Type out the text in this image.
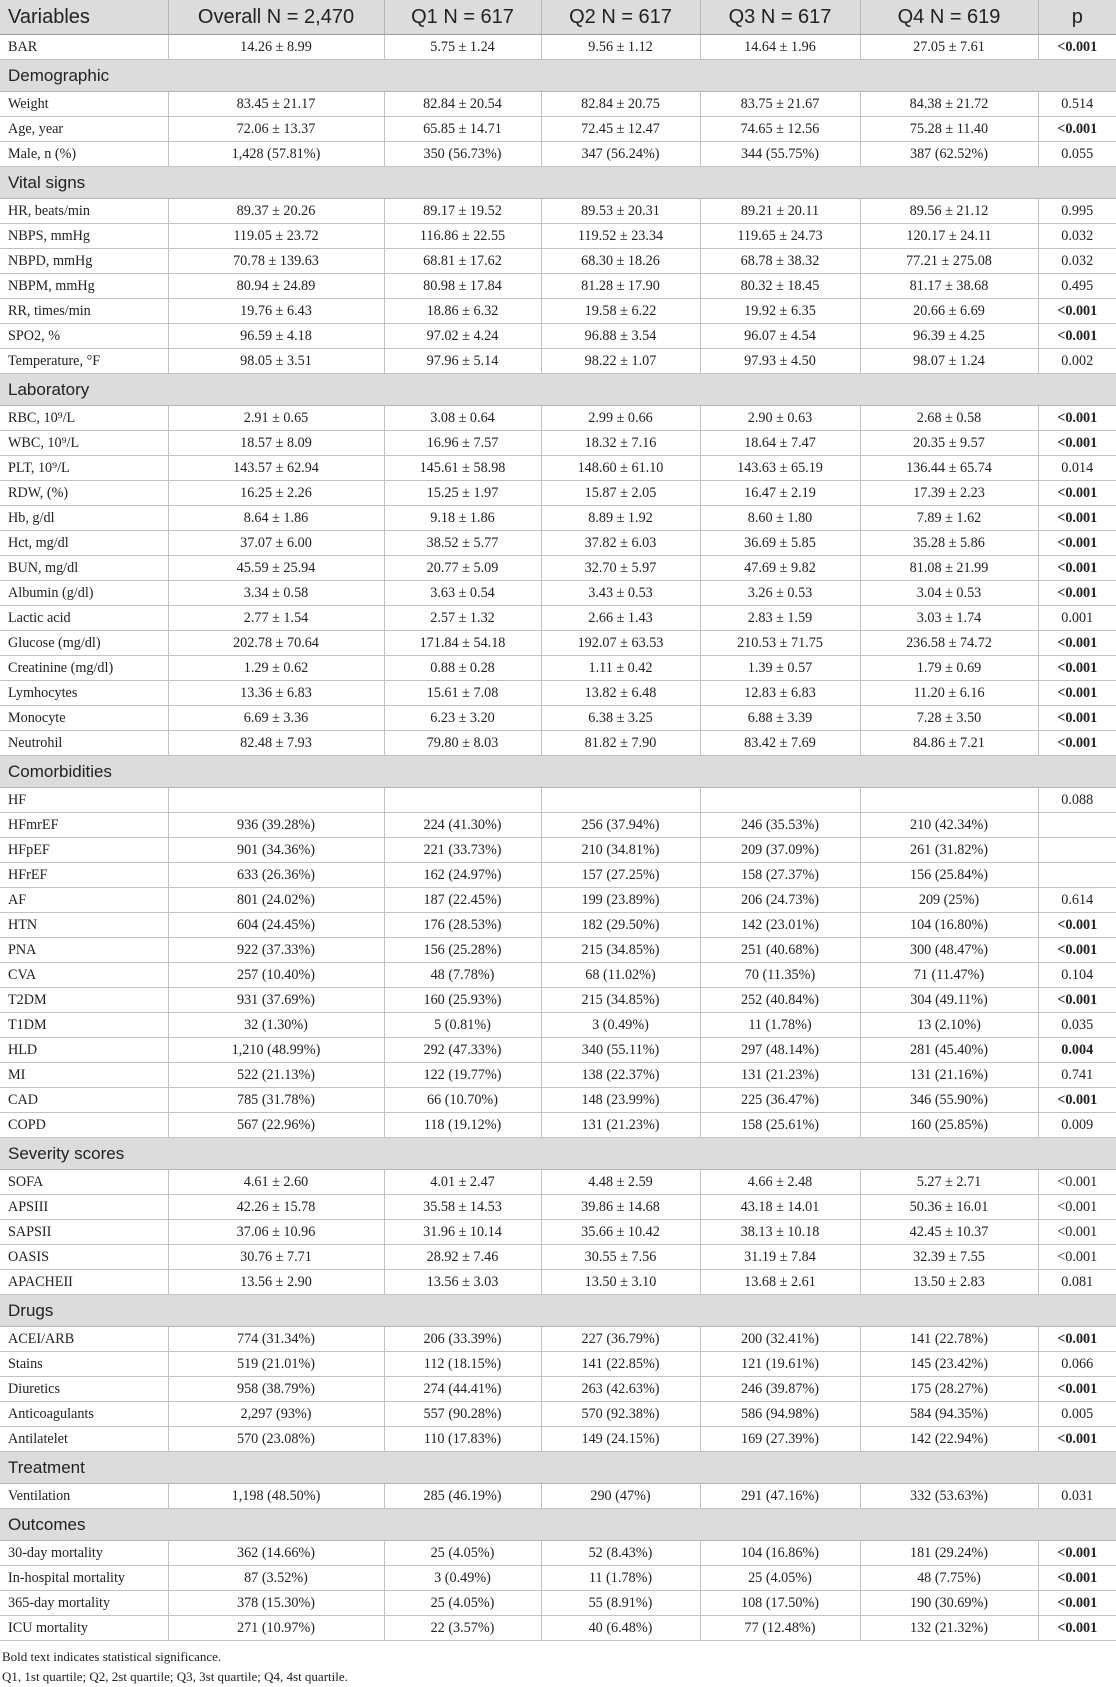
Variables	Overall N = 2,470	Q1 N = 617	Q2 N = 617	Q3 N = 617	Q4 N = 619	p
BAR	14.26 ± 8.99	5.75 ± 1.24	9.56 ± 1.12	14.64 ± 1.96	27.05 ± 7.61	<0.001
Demographic						
Weight	83.45 ± 21.17	82.84 ± 20.54	82.84 ± 20.75	83.75 ± 21.67	84.38 ± 21.72	0.514
Age, year	72.06 ± 13.37	65.85 ± 14.71	72.45 ± 12.47	74.65 ± 12.56	75.28 ± 11.40	<0.001
Male, n (%)	1,428 (57.81%)	350 (56.73%)	347 (56.24%)	344 (55.75%)	387 (62.52%)	0.055
Vital signs						
HR, beats/min	89.37 ± 20.26	89.17 ± 19.52	89.53 ± 20.31	89.21 ± 20.11	89.56 ± 21.12	0.995
NBPS, mmHg	119.05 ± 23.72	116.86 ± 22.55	119.52 ± 23.34	119.65 ± 24.73	120.17 ± 24.11	0.032
NBPD, mmHg	70.78 ± 139.63	68.81 ± 17.62	68.30 ± 18.26	68.78 ± 38.32	77.21 ± 275.08	0.032
NBPM, mmHg	80.94 ± 24.89	80.98 ± 17.84	81.28 ± 17.90	80.32 ± 18.45	81.17 ± 38.68	0.495
RR, times/min	19.76 ± 6.43	18.86 ± 6.32	19.58 ± 6.22	19.92 ± 6.35	20.66 ± 6.69	<0.001
SPO2, %	96.59 ± 4.18	97.02 ± 4.24	96.88 ± 3.54	96.07 ± 4.54	96.39 ± 4.25	<0.001
Temperature, °F	98.05 ± 3.51	97.96 ± 5.14	98.22 ± 1.07	97.93 ± 4.50	98.07 ± 1.24	0.002
Laboratory						
RBC, 10⁹/L	2.91 ± 0.65	3.08 ± 0.64	2.99 ± 0.66	2.90 ± 0.63	2.68 ± 0.58	<0.001
WBC, 10⁹/L	18.57 ± 8.09	16.96 ± 7.57	18.32 ± 7.16	18.64 ± 7.47	20.35 ± 9.57	<0.001
PLT, 10⁹/L	143.57 ± 62.94	145.61 ± 58.98	148.60 ± 61.10	143.63 ± 65.19	136.44 ± 65.74	0.014
RDW, (%)	16.25 ± 2.26	15.25 ± 1.97	15.87 ± 2.05	16.47 ± 2.19	17.39 ± 2.23	<0.001
Hb, g/dl	8.64 ± 1.86	9.18 ± 1.86	8.89 ± 1.92	8.60 ± 1.80	7.89 ± 1.62	<0.001
Hct, mg/dl	37.07 ± 6.00	38.52 ± 5.77	37.82 ± 6.03	36.69 ± 5.85	35.28 ± 5.86	<0.001
BUN, mg/dl	45.59 ± 25.94	20.77 ± 5.09	32.70 ± 5.97	47.69 ± 9.82	81.08 ± 21.99	<0.001
Albumin (g/dl)	3.34 ± 0.58	3.63 ± 0.54	3.43 ± 0.53	3.26 ± 0.53	3.04 ± 0.53	<0.001
Lactic acid	2.77 ± 1.54	2.57 ± 1.32	2.66 ± 1.43	2.83 ± 1.59	3.03 ± 1.74	0.001
Glucose (mg/dl)	202.78 ± 70.64	171.84 ± 54.18	192.07 ± 63.53	210.53 ± 71.75	236.58 ± 74.72	<0.001
Creatinine (mg/dl)	1.29 ± 0.62	0.88 ± 0.28	1.11 ± 0.42	1.39 ± 0.57	1.79 ± 0.69	<0.001
Lymhocytes	13.36 ± 6.83	15.61 ± 7.08	13.82 ± 6.48	12.83 ± 6.83	11.20 ± 6.16	<0.001
Monocyte	6.69 ± 3.36	6.23 ± 3.20	6.38 ± 3.25	6.88 ± 3.39	7.28 ± 3.50	<0.001
Neutrohil	82.48 ± 7.93	79.80 ± 8.03	81.82 ± 7.90	83.42 ± 7.69	84.86 ± 7.21	<0.001
Comorbidities						
HF						0.088
HFmrEF	936 (39.28%)	224 (41.30%)	256 (37.94%)	246 (35.53%)	210 (42.34%)	
HFpEF	901 (34.36%)	221 (33.73%)	210 (34.81%)	209 (37.09%)	261 (31.82%)	
HFrEF	633 (26.36%)	162 (24.97%)	157 (27.25%)	158 (27.37%)	156 (25.84%)	
AF	801 (24.02%)	187 (22.45%)	199 (23.89%)	206 (24.73%)	209 (25%)	0.614
HTN	604 (24.45%)	176 (28.53%)	182 (29.50%)	142 (23.01%)	104 (16.80%)	<0.001
PNA	922 (37.33%)	156 (25.28%)	215 (34.85%)	251 (40.68%)	300 (48.47%)	<0.001
CVA	257 (10.40%)	48 (7.78%)	68 (11.02%)	70 (11.35%)	71 (11.47%)	0.104
T2DM	931 (37.69%)	160 (25.93%)	215 (34.85%)	252 (40.84%)	304 (49.11%)	<0.001
T1DM	32 (1.30%)	5 (0.81%)	3 (0.49%)	11 (1.78%)	13 (2.10%)	0.035
HLD	1,210 (48.99%)	292 (47.33%)	340 (55.11%)	297 (48.14%)	281 (45.40%)	0.004
MI	522 (21.13%)	122 (19.77%)	138 (22.37%)	131 (21.23%)	131 (21.16%)	0.741
CAD	785 (31.78%)	66 (10.70%)	148 (23.99%)	225 (36.47%)	346 (55.90%)	<0.001
COPD	567 (22.96%)	118 (19.12%)	131 (21.23%)	158 (25.61%)	160 (25.85%)	0.009
Severity scores						
SOFA	4.61 ± 2.60	4.01 ± 2.47	4.48 ± 2.59	4.66 ± 2.48	5.27 ± 2.71	<0.001
APSIII	42.26 ± 15.78	35.58 ± 14.53	39.86 ± 14.68	43.18 ± 14.01	50.36 ± 16.01	<0.001
SAPSII	37.06 ± 10.96	31.96 ± 10.14	35.66 ± 10.42	38.13 ± 10.18	42.45 ± 10.37	<0.001
OASIS	30.76 ± 7.71	28.92 ± 7.46	30.55 ± 7.56	31.19 ± 7.84	32.39 ± 7.55	<0.001
APACHEII	13.56 ± 2.90	13.56 ± 3.03	13.50 ± 3.10	13.68 ± 2.61	13.50 ± 2.83	0.081
Drugs						
ACEI/ARB	774 (31.34%)	206 (33.39%)	227 (36.79%)	200 (32.41%)	141 (22.78%)	<0.001
Stains	519 (21.01%)	112 (18.15%)	141 (22.85%)	121 (19.61%)	145 (23.42%)	0.066
Diuretics	958 (38.79%)	274 (44.41%)	263 (42.63%)	246 (39.87%)	175 (28.27%)	<0.001
Anticoagulants	2,297 (93%)	557 (90.28%)	570 (92.38%)	586 (94.98%)	584 (94.35%)	0.005
Antilatelet	570 (23.08%)	110 (17.83%)	149 (24.15%)	169 (27.39%)	142 (22.94%)	<0.001
Treatment						
Ventilation	1,198 (48.50%)	285 (46.19%)	290 (47%)	291 (47.16%)	332 (53.63%)	0.031
Outcomes						
30-day mortality	362 (14.66%)	25 (4.05%)	52 (8.43%)	104 (16.86%)	181 (29.24%)	<0.001
In-hospital mortality	87 (3.52%)	3 (0.49%)	11 (1.78%)	25 (4.05%)	48 (7.75%)	<0.001
365-day mortality	378 (15.30%)	25 (4.05%)	55 (8.91%)	108 (17.50%)	190 (30.69%)	<0.001
ICU mortality	271 (10.97%)	22 (3.57%)	40 (6.48%)	77 (12.48%)	132 (21.32%)	<0.001
Bold text indicates statistical significance.
Q1, 1st quartile; Q2, 2st quartile; Q3, 3st quartile; Q4, 4st quartile.
